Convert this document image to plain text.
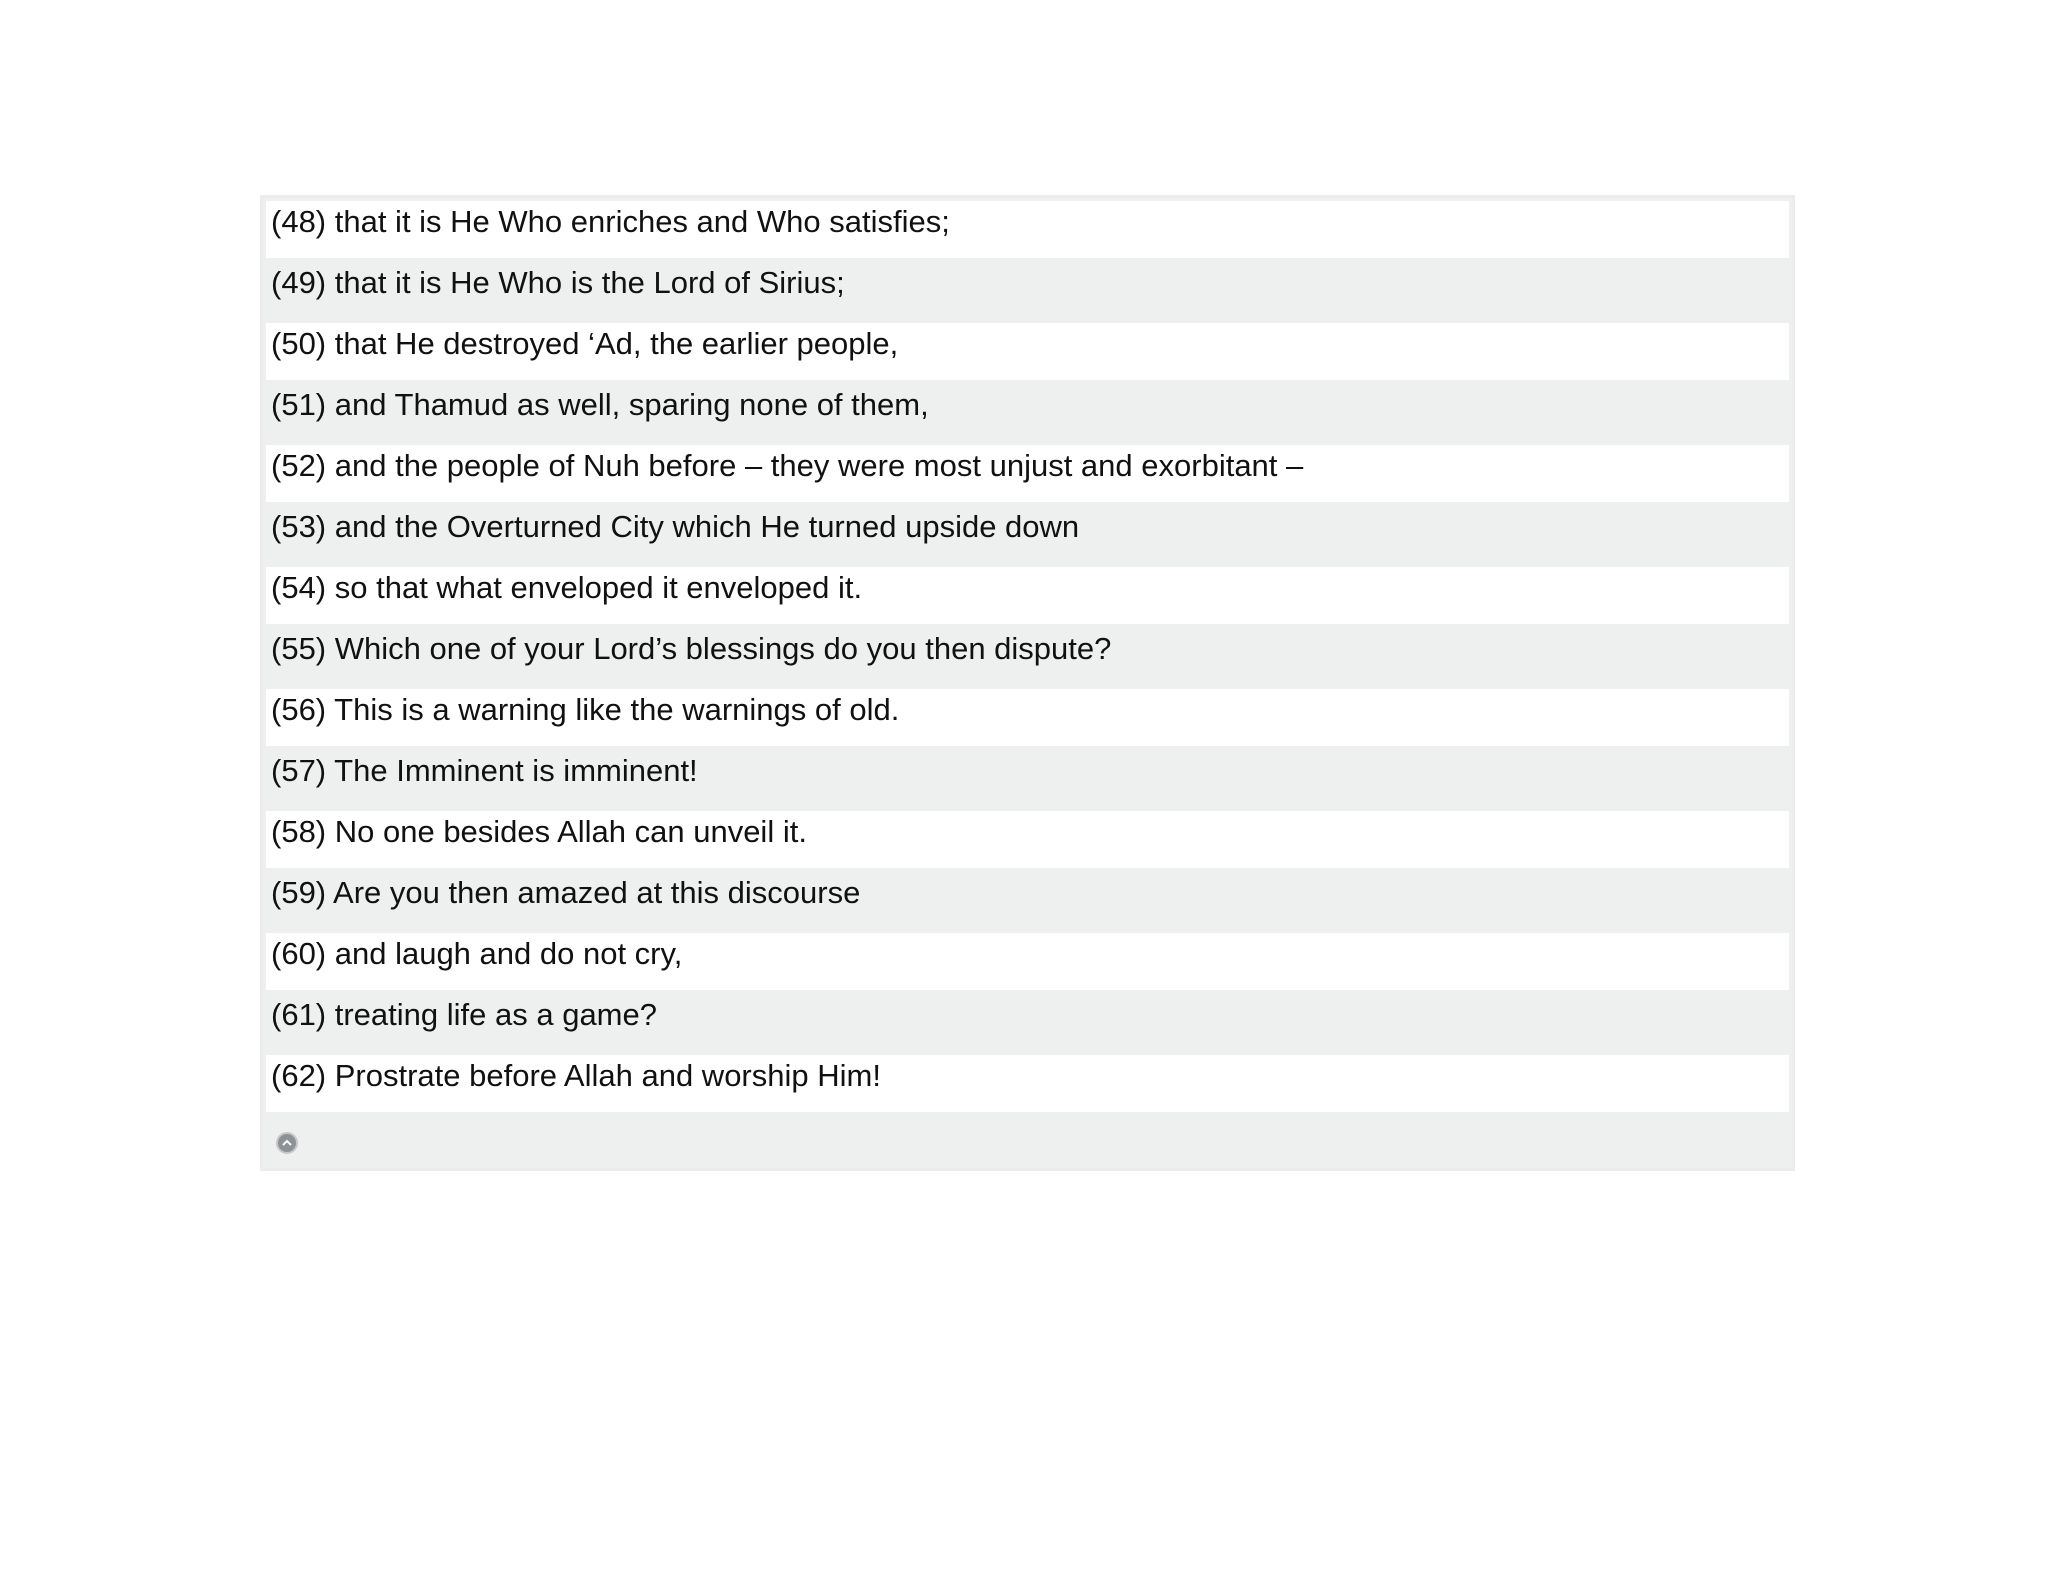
(48) that it is He Who enriches and Who satisfies;
(49) that it is He Who is the Lord of Sirius;
(50) that He destroyed ‘Ad, the earlier people,
(51) and Thamud as well, sparing none of them,
(52) and the people of Nuh before – they were most unjust and exorbitant –
(53) and the Overturned City which He turned upside down
(54) so that what enveloped it enveloped it.
(55) Which one of your Lord’s blessings do you then dispute?
(56) This is a warning like the warnings of old.
(57) The Imminent is imminent!
(58) No one besides Allah can unveil it.
(59) Are you then amazed at this discourse
(60) and laugh and do not cry,
(61) treating life as a game?
(62) Prostrate before Allah and worship Him!
